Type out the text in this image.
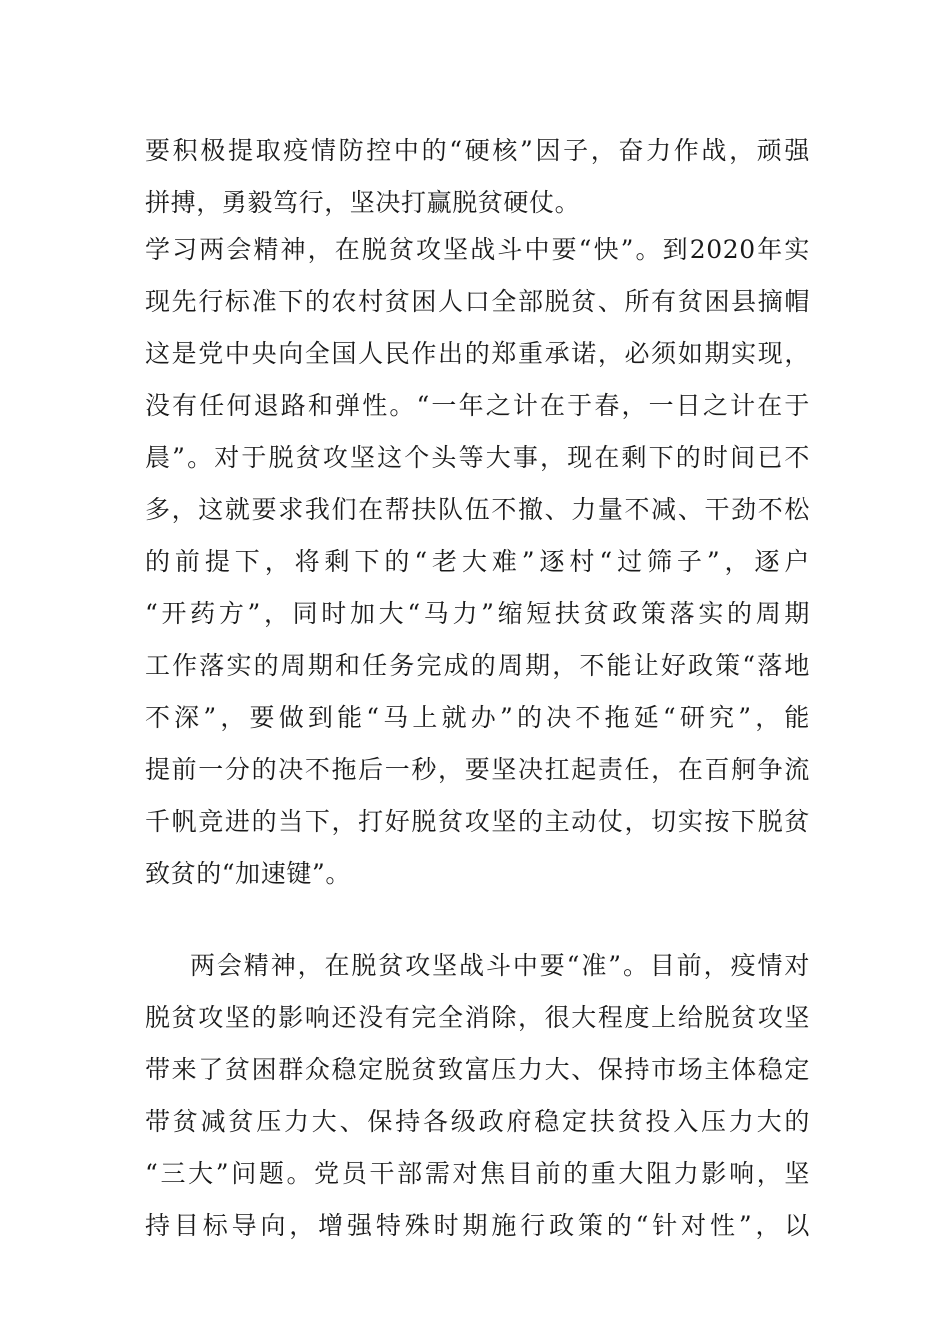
要积极提取疫情防控中的“硬核”因子，奋力作战，顽强
拼搏，勇毅笃行，坚决打赢脱贫硬仗。
学习两会精神，在脱贫攻坚战斗中要“快”。到2020年实
现先行标准下的农村贫困人口全部脱贫、所有贫困县摘帽
这是党中央向全国人民作出的郑重承诺，必须如期实现，
没有任何退路和弹性。“一年之计在于春，一日之计在于
晨”。对于脱贫攻坚这个头等大事，现在剩下的时间已不
多，这就要求我们在帮扶队伍不撤、力量不减、干劲不松
的前提下，将剩下的“老大难”逐村“过筛子”，逐户
“开药方”，同时加大“马力”缩短扶贫政策落实的周期
工作落实的周期和任务完成的周期，不能让好政策“落地
不深”，要做到能“马上就办”的决不拖延“研究”，能
提前一分的决不拖后一秒，要坚决扛起责任，在百舸争流
千帆竞进的当下，打好脱贫攻坚的主动仗，切实按下脱贫
致贫的“加速键”。
两会精神，在脱贫攻坚战斗中要“准”。目前，疫情对
脱贫攻坚的影响还没有完全消除，很大程度上给脱贫攻坚
带来了贫困群众稳定脱贫致富压力大、保持市场主体稳定
带贫减贫压力大、保持各级政府稳定扶贫投入压力大的
“三大”问题。党员干部需对焦目前的重大阻力影响，坚
持目标导向，增强特殊时期施行政策的“针对性”，以
